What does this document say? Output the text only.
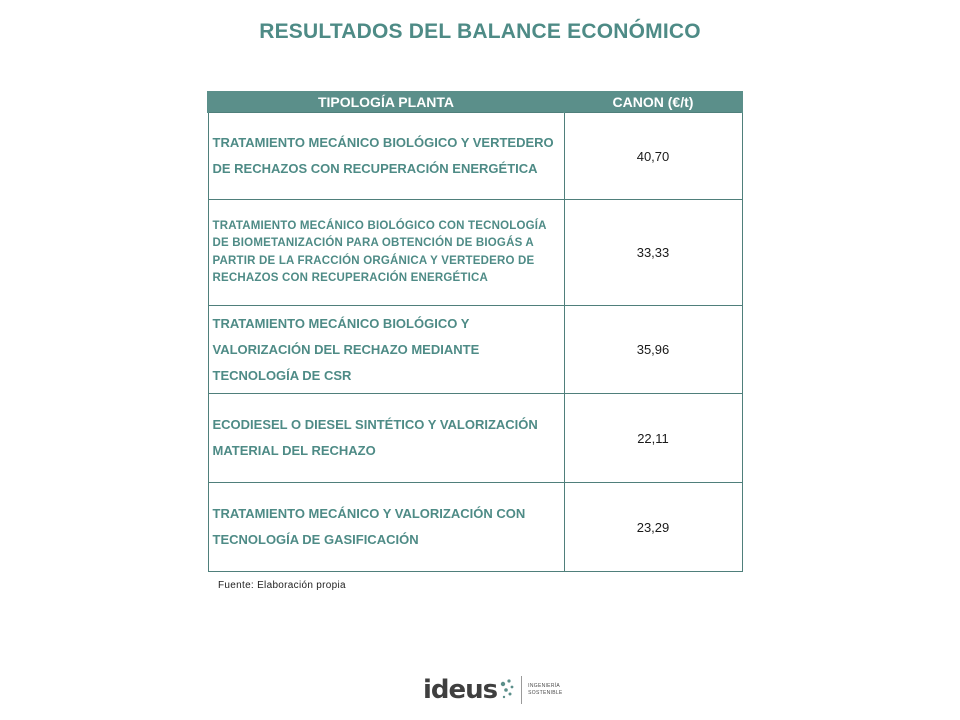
RESULTADOS DEL BALANCE ECONÓMICO
TIPOLOGÍA PLANTA	CANON (€/t)
TRATAMIENTO MECÁNICO BIOLÓGICO Y VERTEDERO DE RECHAZOS CON RECUPERACIÓN ENERGÉTICA	40,70
TRATAMIENTO MECÁNICO BIOLÓGICO CON TECNOLOGÍA DE BIOMETANIZACIÓN PARA OBTENCIÓN DE BIOGÁS A PARTIR DE LA FRACCIÓN ORGÁNICA Y VERTEDERO DE RECHAZOS CON RECUPERACIÓN ENERGÉTICA	33,33
TRATAMIENTO MECÁNICO BIOLÓGICO Y VALORIZACIÓN DEL RECHAZO MEDIANTE TECNOLOGÍA DE CSR	35,96
ECODIESEL O DIESEL SINTÉTICO Y VALORIZACIÓN MATERIAL DEL RECHAZO	22,11
TRATAMIENTO MECÁNICO Y VALORIZACIÓN CON TECNOLOGÍA DE GASIFICACIÓN	23,29
Fuente: Elaboración propia
ideus	INGENIERÍA
SOSTENIBLE
